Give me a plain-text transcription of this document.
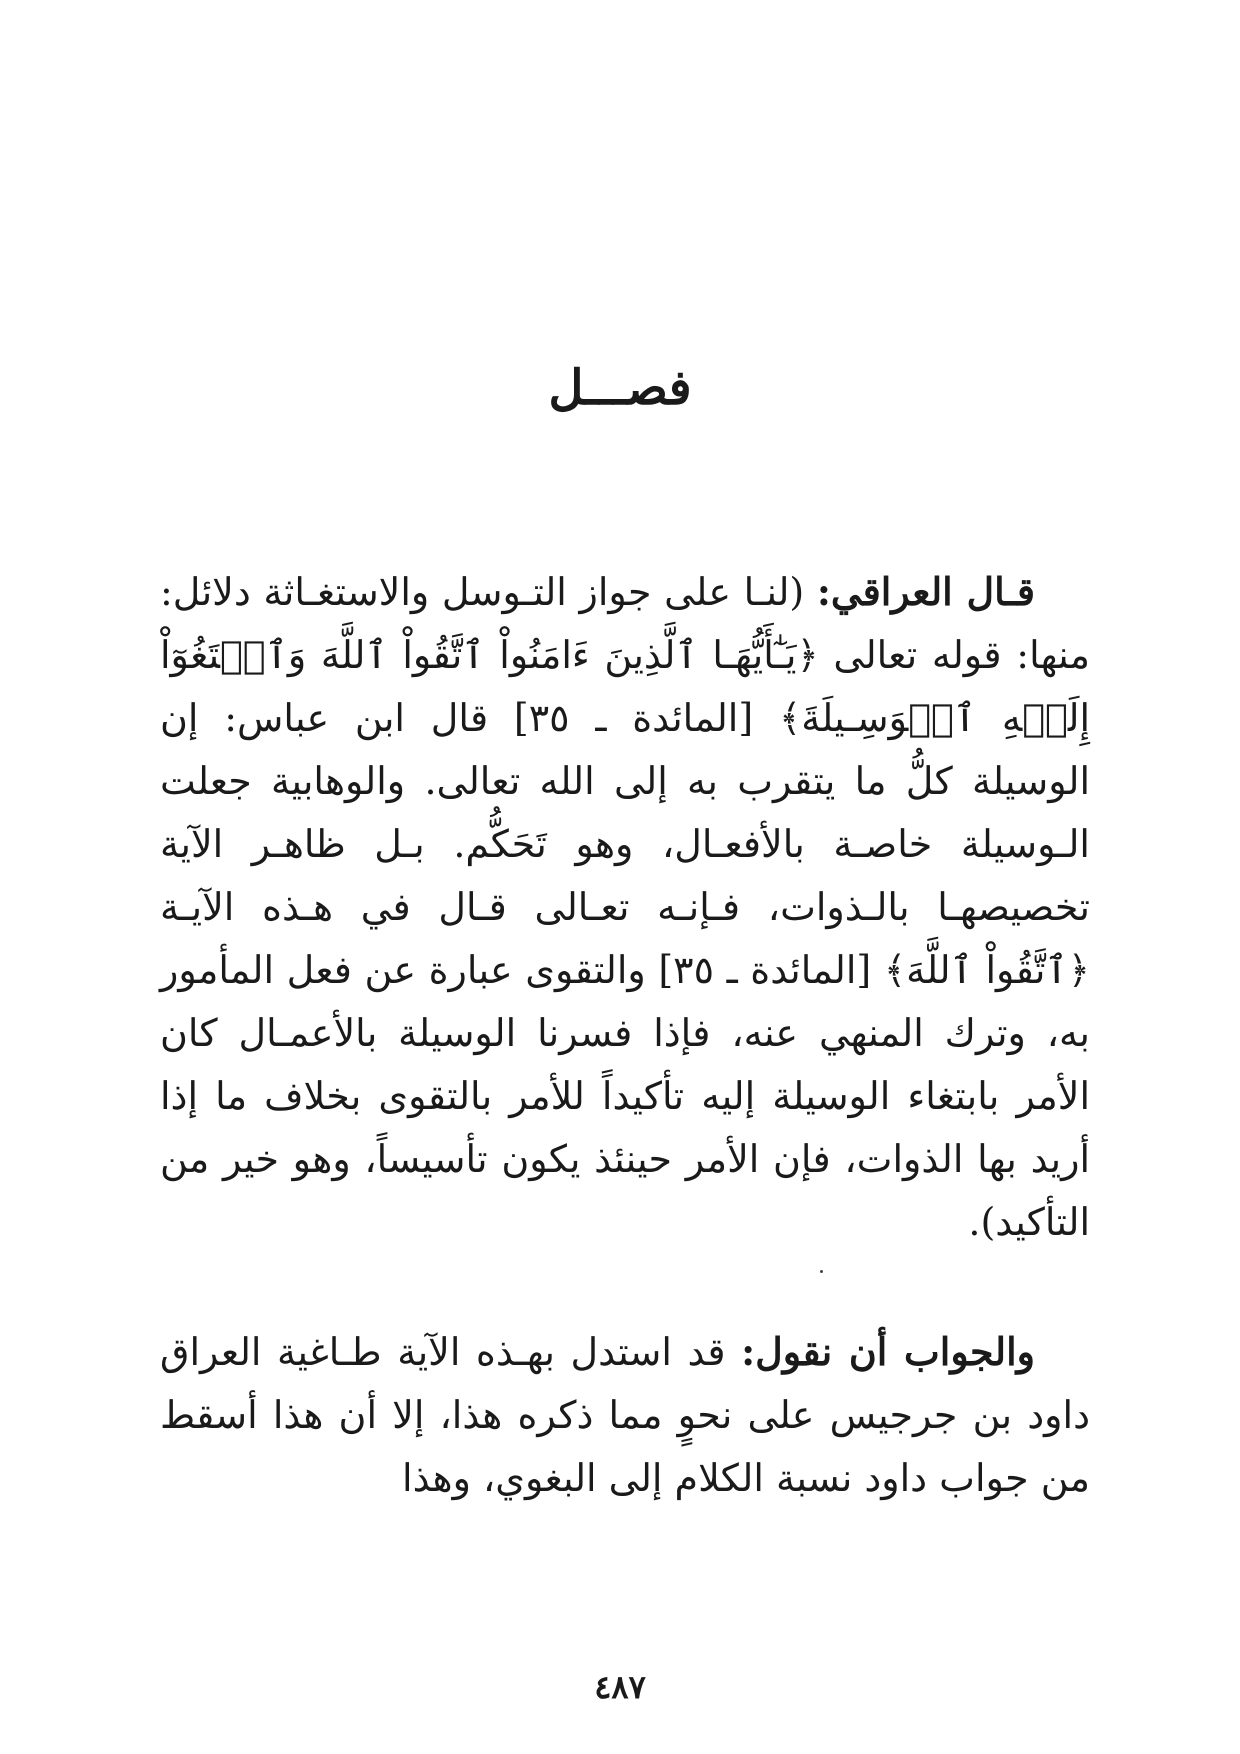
فصـــل

قـال العراقي: (لنـا على جواز التـوسل والاستغـاثة دلائل: منها: قوله تعالى ﴿يَـٰٓأَيُّهَـا ٱلَّذِينَ ءَامَنُواْ ٱتَّقُواْ ٱللَّهَ وَٱبۡتَغُوٓاْ إِلَيۡهِ ٱلۡوَسِـيلَةَ﴾ [المائدة ـ ٣٥] قال ابن عباس: إن الوسيلة كلُّ ما يتقرب به إلى الله تعالى. والوهابية جعلت الـوسيلة خاصـة بالأفعـال، وهو تَحَكُّم. بـل ظاهـر الآية تخصيصهـا بالـذوات، فـإنـه تعـالى قـال في هـذه الآيـة ﴿ٱتَّقُواْ ٱللَّهَ﴾ [المائدة ـ ٣٥] والتقوى عبارة عن فعل المأمور به، وترك المنهي عنه، فإذا فسرنا الوسيلة بالأعمـال كان الأمر بابتغاء الوسيلة إليه تأكيداً للأمر بالتقوى بخلاف ما إذا أريد بها الذوات، فإن الأمر حينئذ يكون تأسيساً، وهو خير من التأكيد).

والجواب أن نقول: قد استدل بهـذه الآية طـاغية العراق داود بن جرجيس على نحوٍ مما ذكره هذا، إلا أن هذا أسقط من جواب داود نسبة الكلام إلى البغوي، وهذا

٤٨٧
